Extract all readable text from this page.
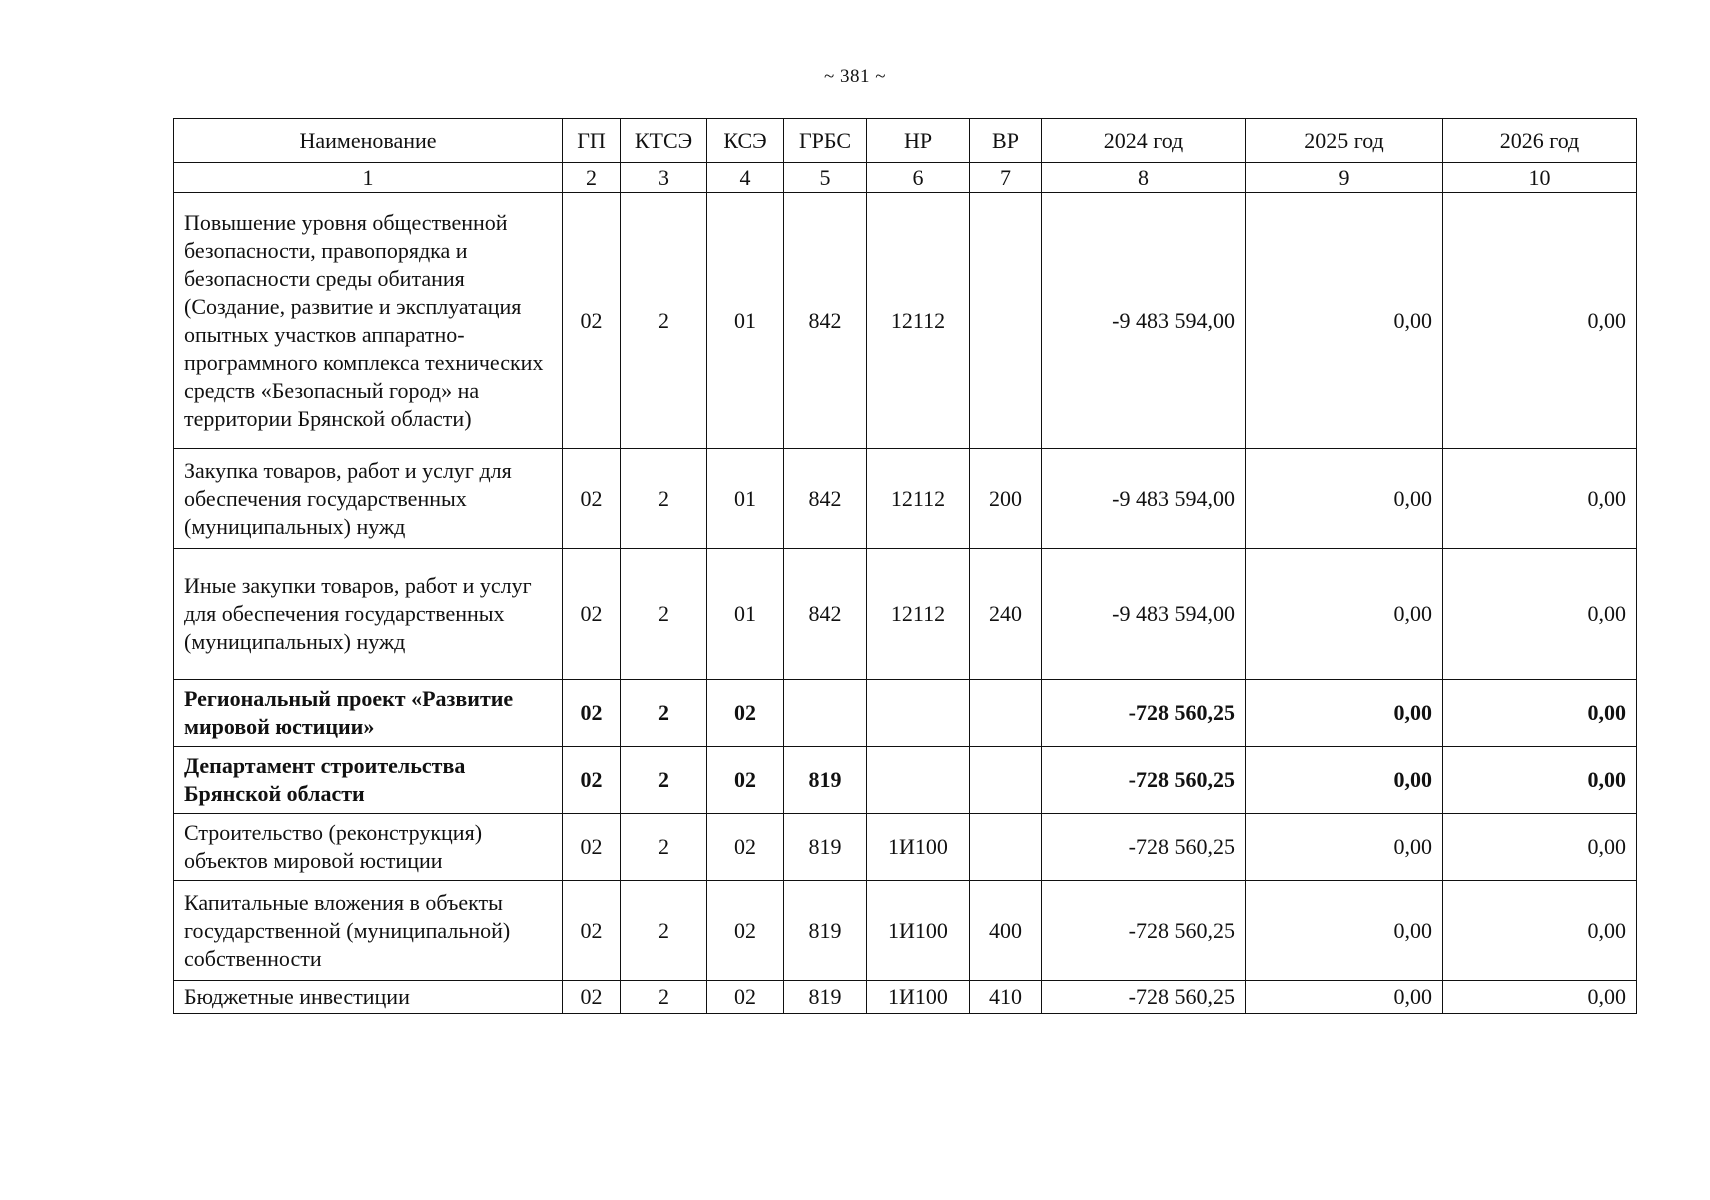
~ 381 ~
Наименование	ГП	КТСЭ	КСЭ	ГРБС	НР	ВР	2024 год	2025 год	2026 год
1	2	3	4	5	6	7	8	9	10
Повышение уровня общественной безопасности, правопорядка и безопасности среды обитания (Создание, развитие и эксплуатация опытных участков аппаратно-программного комплекса технических средств «Безопасный город» на территории Брянской области)	02	2	01	842	12112		-9 483 594,00	0,00	0,00
Закупка товаров, работ и услуг для обеспечения государственных (муниципальных) нужд	02	2	01	842	12112	200	-9 483 594,00	0,00	0,00
Иные закупки товаров, работ и услуг для обеспечения государственных (муниципальных) нужд	02	2	01	842	12112	240	-9 483 594,00	0,00	0,00
Региональный проект «Развитие мировой юстиции»	02	2	02				-728 560,25	0,00	0,00
Департамент строительства Брянской области	02	2	02	819			-728 560,25	0,00	0,00
Строительство (реконструкция) объектов мировой юстиции	02	2	02	819	1И100		-728 560,25	0,00	0,00
Капитальные вложения в объекты государственной (муниципальной) собственности	02	2	02	819	1И100	400	-728 560,25	0,00	0,00
Бюджетные инвестиции	02	2	02	819	1И100	410	-728 560,25	0,00	0,00
